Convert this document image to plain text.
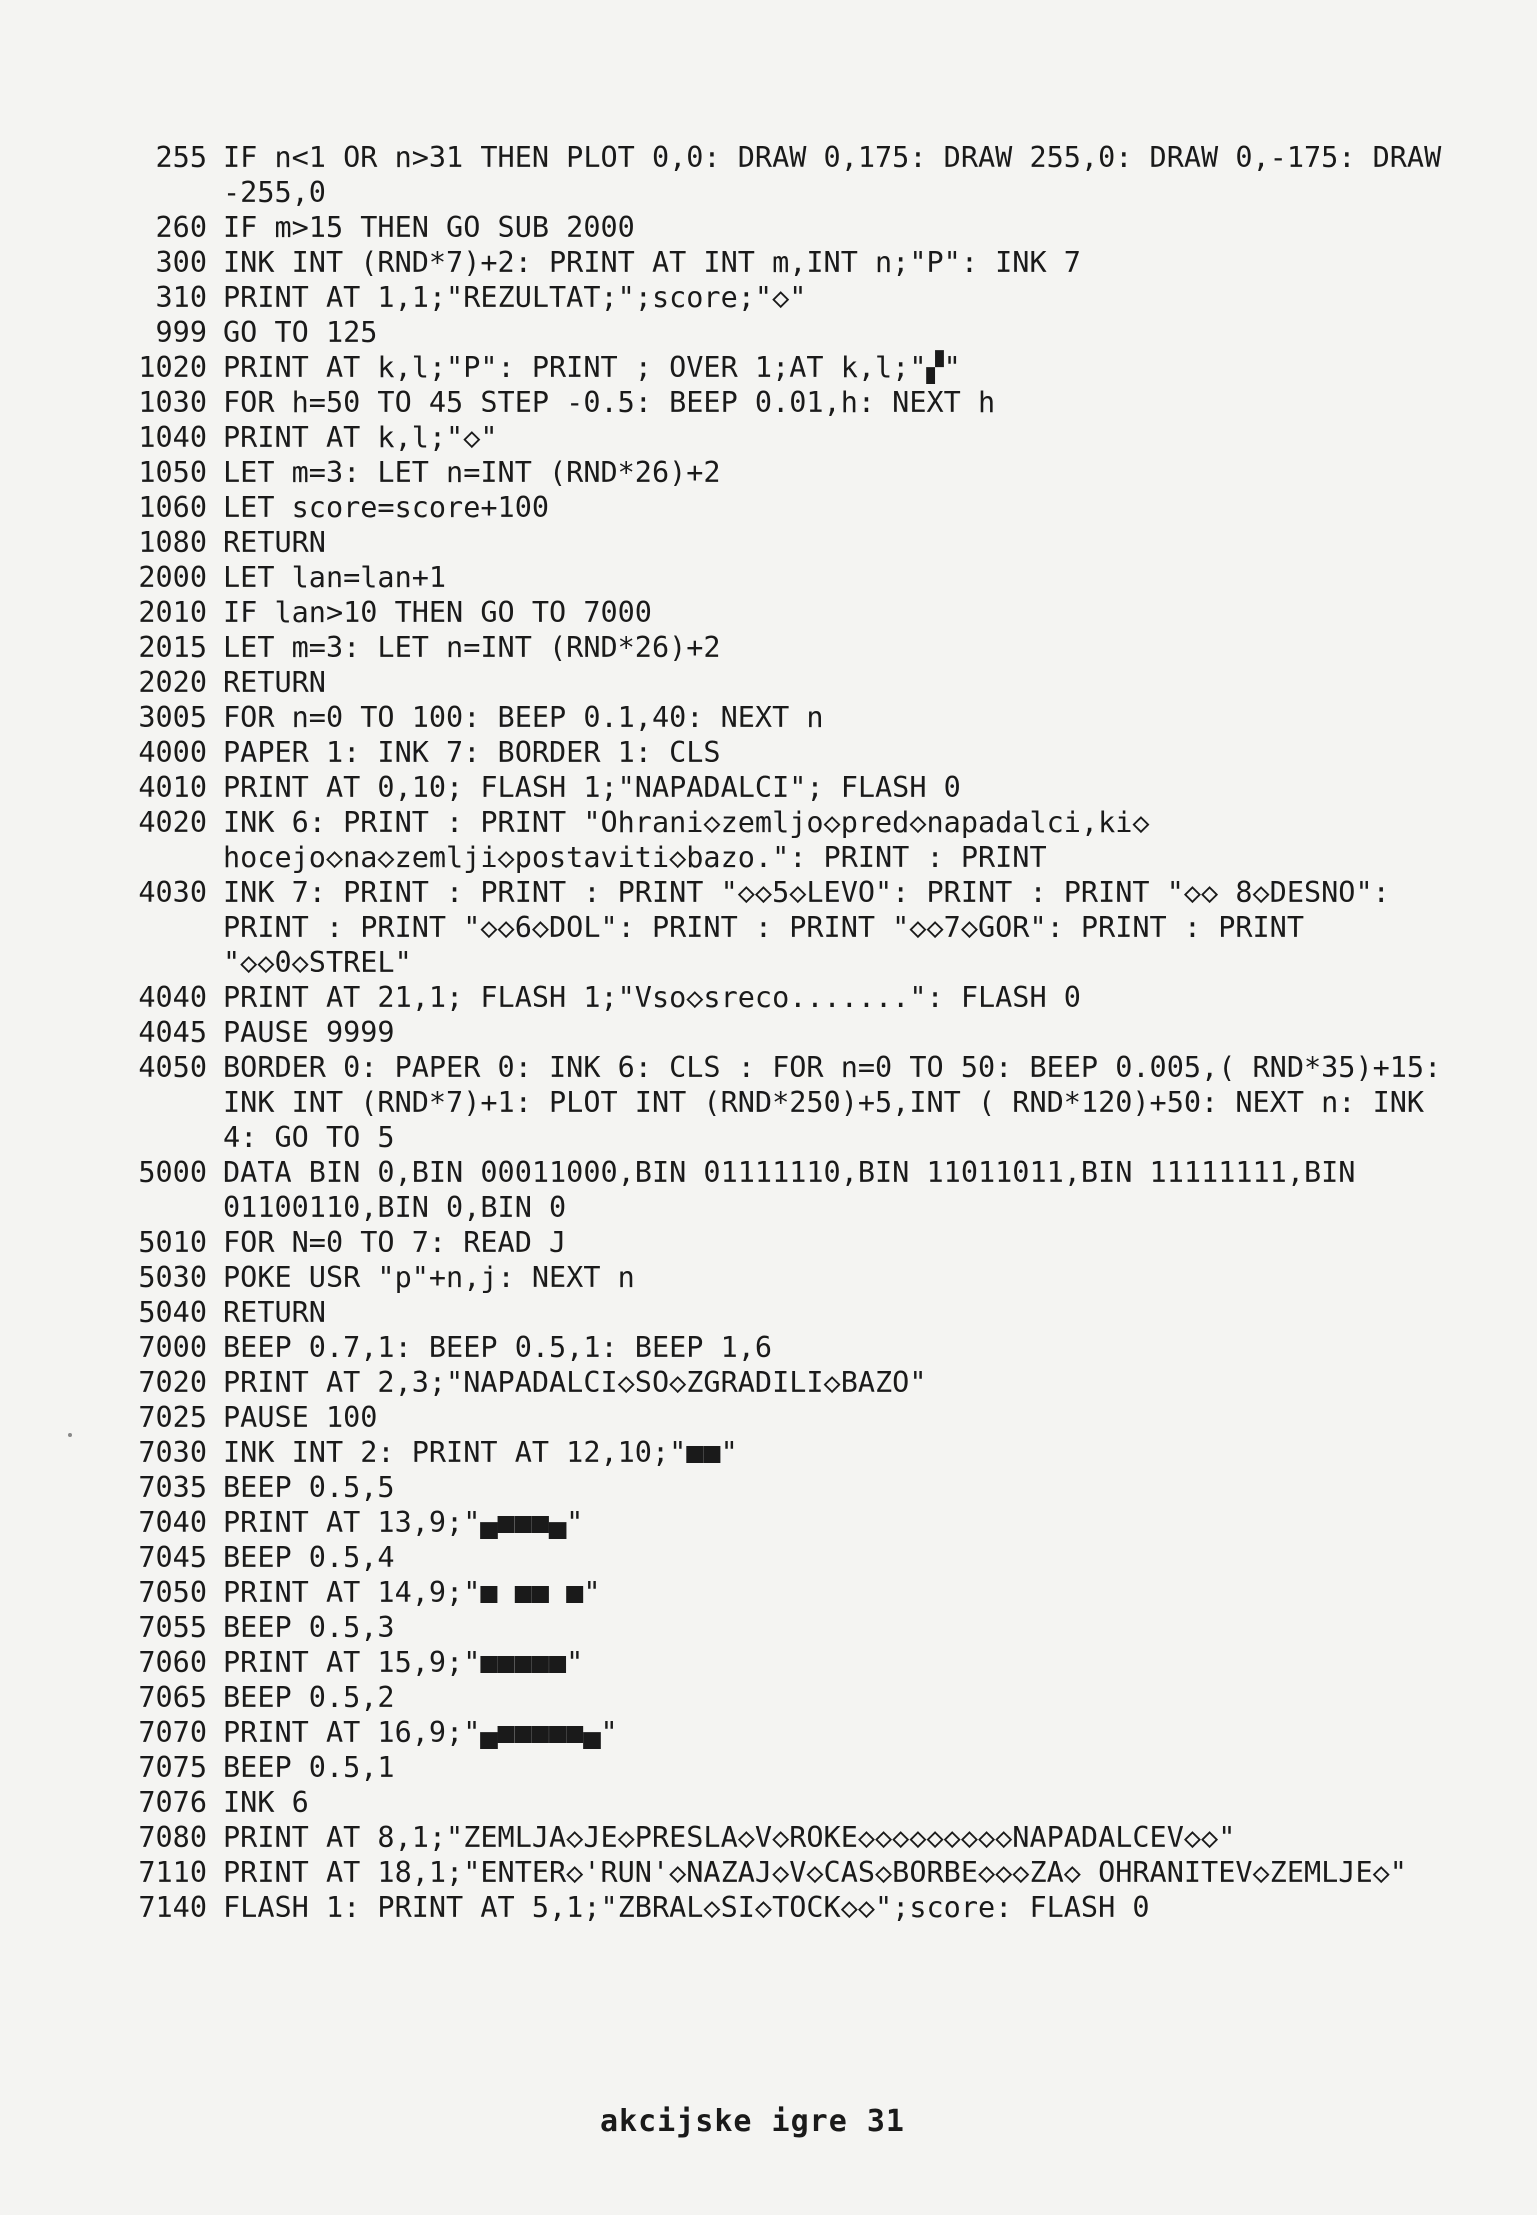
255 IF n<1 OR n>31 THEN PLOT 0,0: DRAW 0,175: DRAW 255,0: DRAW 0,-175: DRAW -255,0
260 IF m>15 THEN GO SUB 2000
300 INK INT (RND*7)+2: PRINT AT INT m,INT n;"P": INK 7
310 PRINT AT 1,1;"REZULTAT;";score;"◇"
999 GO TO 125
1020 PRINT AT k,l;"P": PRINT ; OVER 1;AT k,l;"▞"
1030 FOR h=50 TO 45 STEP -0.5: BEEP 0.01,h: NEXT h
1040 PRINT AT k,l;"◇"
1050 LET m=3: LET n=INT (RND*26)+2
1060 LET score=score+100
1080 RETURN
2000 LET lan=lan+1
2010 IF lan>10 THEN GO TO 7000
2015 LET m=3: LET n=INT (RND*26)+2
2020 RETURN
3005 FOR n=0 TO 100: BEEP 0.1,40: NEXT n
4000 PAPER 1: INK 7: BORDER 1: CLS
4010 PRINT AT 0,10; FLASH 1;"NAPADALCI"; FLASH 0
4020 INK 6: PRINT : PRINT "Ohrani◇zemljo◇pred◇napadalci,ki◇ hocejo◇na◇zemlji◇postaviti◇bazo.": PRINT : PRINT
4030 INK 7: PRINT : PRINT : PRINT "◇◇5◇LEVO": PRINT : PRINT "◇◇ 8◇DESNO": PRINT : PRINT "◇◇6◇DOL": PRINT : PRINT "◇◇7◇GOR": PRINT : PRINT "◇◇0◇STREL"
4040 PRINT AT 21,1; FLASH 1;"Vso◇sreco.......": FLASH 0
4045 PAUSE 9999
4050 BORDER 0: PAPER 0: INK 6: CLS : FOR n=0 TO 50: BEEP 0.005,( RND*35)+15: INK INT (RND*7)+1: PLOT INT (RND*250)+5,INT ( RND*120)+50: NEXT n: INK 4: GO TO 5
5000 DATA BIN 0,BIN 00011000,BIN 01111110,BIN 11011011,BIN 11111111,BIN 01100110,BIN 0,BIN 0
5010 FOR N=0 TO 7: READ J
5030 POKE USR "p"+n,j: NEXT n
5040 RETURN
7000 BEEP 0.7,1: BEEP 0.5,1: BEEP 1,6
7020 PRINT AT 2,3;"NAPADALCI◇SO◇ZGRADILI◇BAZO"
7025 PAUSE 100
7030 INK INT 2: PRINT AT 12,10;"■■"
7035 BEEP 0.5,5
7040 PRINT AT 13,9;"▄■■■▄"
7045 BEEP 0.5,4
7050 PRINT AT 14,9;"■ ■■ ■"
7055 BEEP 0.5,3
7060 PRINT AT 15,9;"■■■■■"
7065 BEEP 0.5,2
7070 PRINT AT 16,9;"▄■■■■■▄"
7075 BEEP 0.5,1
7076 INK 6
7080 PRINT AT 8,1;"ZEMLJA◇JE◇PRESLA◇V◇ROKE◇◇◇◇◇◇◇◇◇NAPADALCEV◇◇"
7110 PRINT AT 18,1;"ENTER◇'RUN'◇NAZAJ◇V◇CAS◇BORBE◇◇◇ZA◇ OHRANITEV◇ZEMLJE◇"
7140 FLASH 1: PRINT AT 5,1;"ZBRAL◇SI◇TOCK◇◇";score: FLASH 0
akcijske igre 31
